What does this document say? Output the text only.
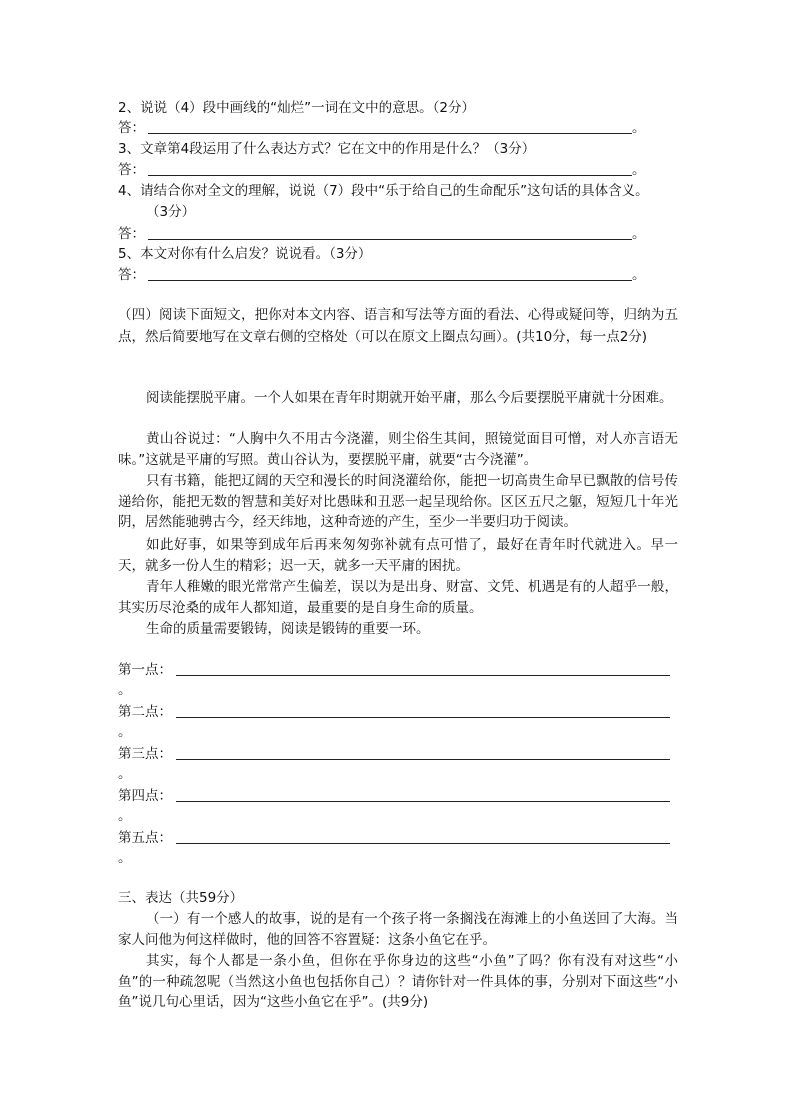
2、说说（4）段中画线的“灿烂”一词在文中的意思。（2分）
答：	。
3、文章第4段运用了什么表达方式？它在文中的作用是什么？（3分）
答：	。
4、请结合你对全文的理解，说说（7）段中“乐于给自己的生命配乐”这句话的具体含义。
（3分）
答：	。
5、本文对你有什么启发？说说看。（3分）
答：	。
（四）阅读下面短文，把你对本文内容、语言和写法等方面的看法、心得或疑问等，归纳为五点，然后简要地写在文章右侧的空格处（可以在原文上圈点勾画）。(共10分，每一点2分)
阅读能摆脱平庸。一个人如果在青年时期就开始平庸，那么今后要摆脱平庸就十分困难。
黄山谷说过：“人胸中久不用古今浇灌，则尘俗生其间，照镜觉面目可憎，对人亦言语无味。”这就是平庸的写照。黄山谷认为，要摆脱平庸，就要“古今浇灌”。
只有书籍，能把辽阔的天空和漫长的时间浇灌给你，能把一切高贵生命早已飘散的信号传递给你，能把无数的智慧和美好对比愚昧和丑恶一起呈现给你。区区五尺之躯，短短几十年光阴，居然能驰骋古今，经天纬地，这种奇迹的产生，至少一半要归功于阅读。
如此好事，如果等到成年后再来匆匆弥补就有点可惜了，最好在青年时代就进入。早一天，就多一份人生的精彩；迟一天，就多一天平庸的困扰。
青年人稚嫩的眼光常常产生偏差，误以为是出身、财富、文凭、机遇是有的人超乎一般，其实历尽沧桑的成年人都知道，最重要的是自身生命的质量。
生命的质量需要锻铸，阅读是锻铸的重要一环。
第一点：
。
第二点：
。
第三点：
。
第四点：
。
第五点：
。
三、表达（共59分）
（一）有一个感人的故事，说的是有一个孩子将一条搁浅在海滩上的小鱼送回了大海。当家人问他为何这样做时，他的回答不容置疑：这条小鱼它在乎。
其实，每个人都是一条小鱼，但你在乎你身边的这些“小鱼”了吗？你有没有对这些“小鱼”的一种疏忽呢（当然这小鱼也包括你自己）？请你针对一件具体的事，分别对下面这些“小鱼”说几句心里话，因为“这些小鱼它在乎”。(共9分)
